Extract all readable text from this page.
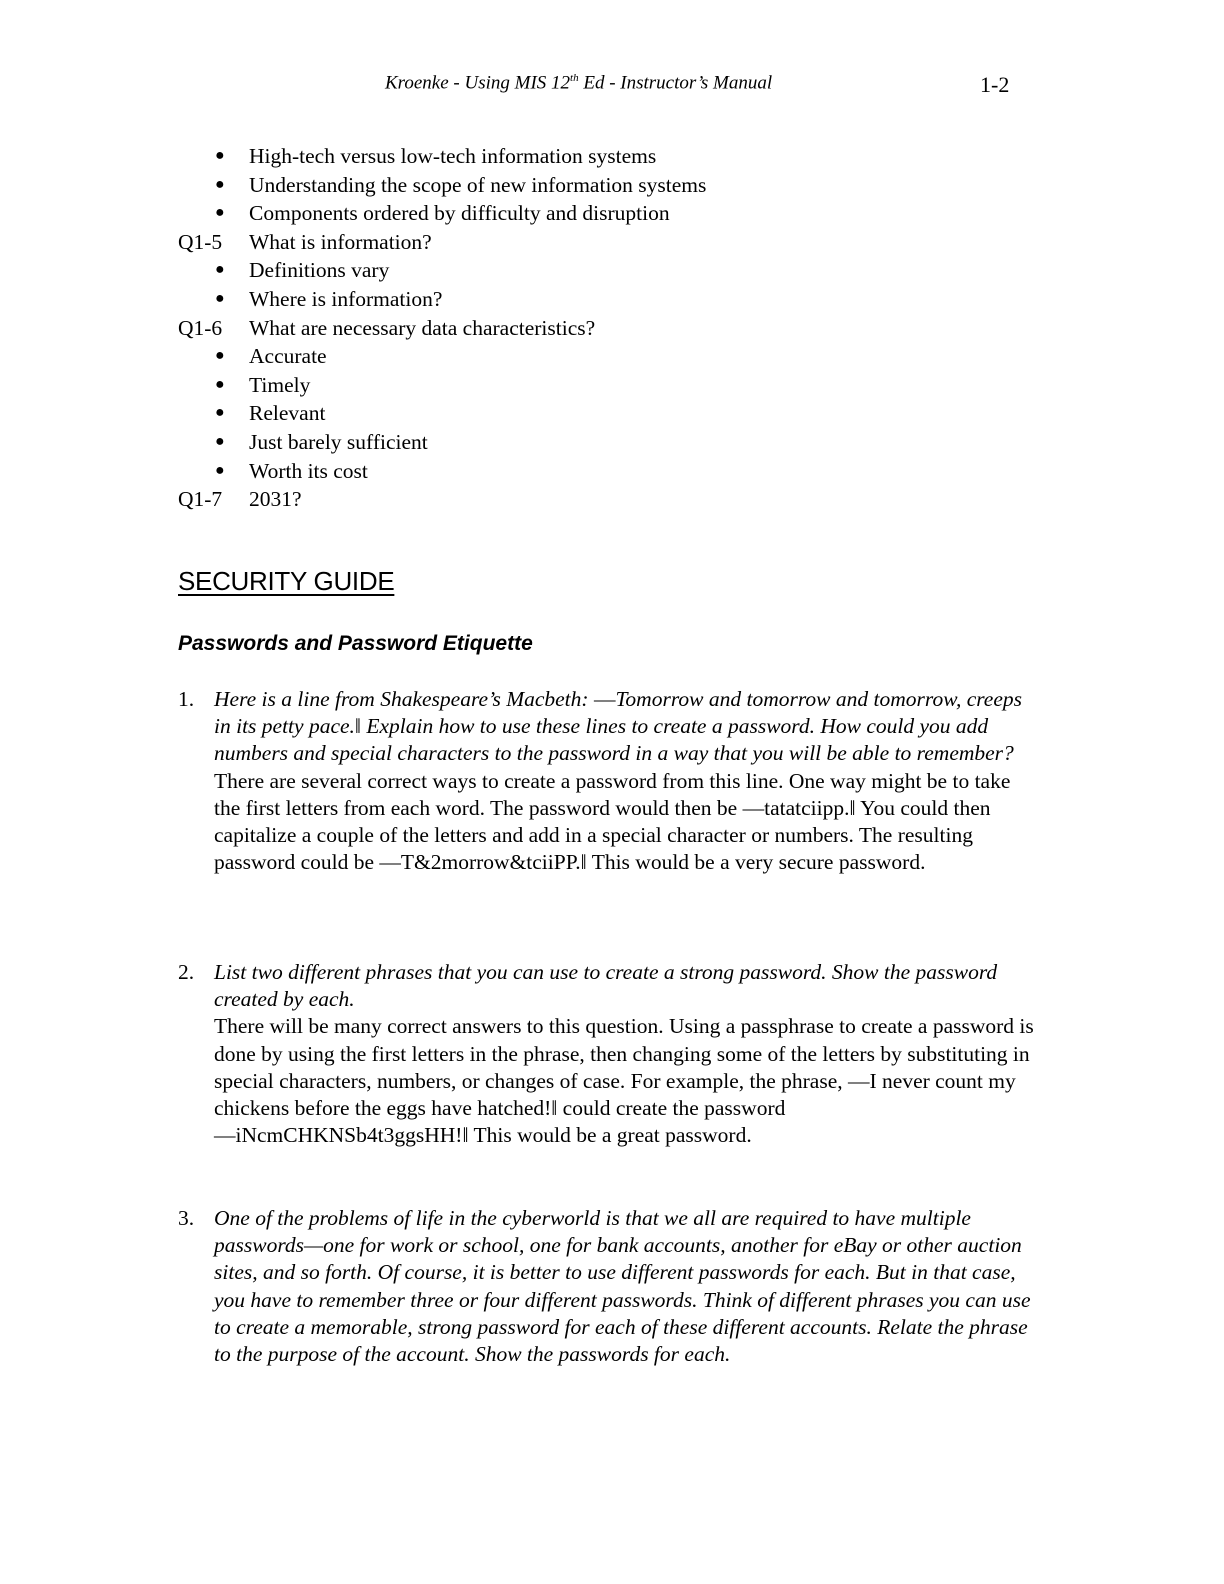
Kroenke - Using MIS 12th Ed - Instructor’s Manual	1-2
● High-tech versus low-tech information systems
● Understanding the scope of new information systems
● Components ordered by difficulty and disruption
Q1-5 What is information?
● Definitions vary
● Where is information?
Q1-6 What are necessary data characteristics?
● Accurate
● Timely
● Relevant
● Just barely sufficient
● Worth its cost
Q1-7 2031?
SECURITY GUIDE
Passwords and Password Etiquette
1. Here is a line from Shakespeare’s Macbeth: ―Tomorrow and tomorrow and tomorrow, creeps in its petty pace.‖ Explain how to use these lines to create a password. How could you add numbers and special characters to the password in a way that you will be able to remember?
There are several correct ways to create a password from this line. One way might be to take the first letters from each word. The password would then be ―tatatciipp.‖ You could then capitalize a couple of the letters and add in a special character or numbers. The resulting password could be ―T&2morrow&tciiPP.‖ This would be a very secure password.
2. List two different phrases that you can use to create a strong password. Show the password created by each.
There will be many correct answers to this question. Using a passphrase to create a password is done by using the first letters in the phrase, then changing some of the letters by substituting in special characters, numbers, or changes of case. For example, the phrase, ―I never count my chickens before the eggs have hatched!‖ could create the password ―iNcmCHKNSb4t3ggsHH!‖ This would be a great password.
3. One of the problems of life in the cyberworld is that we all are required to have multiple passwords—one for work or school, one for bank accounts, another for eBay or other auction sites, and so forth. Of course, it is better to use different passwords for each. But in that case, you have to remember three or four different passwords. Think of different phrases you can use to create a memorable, strong password for each of these different accounts. Relate the phrase to the purpose of the account. Show the passwords for each.
